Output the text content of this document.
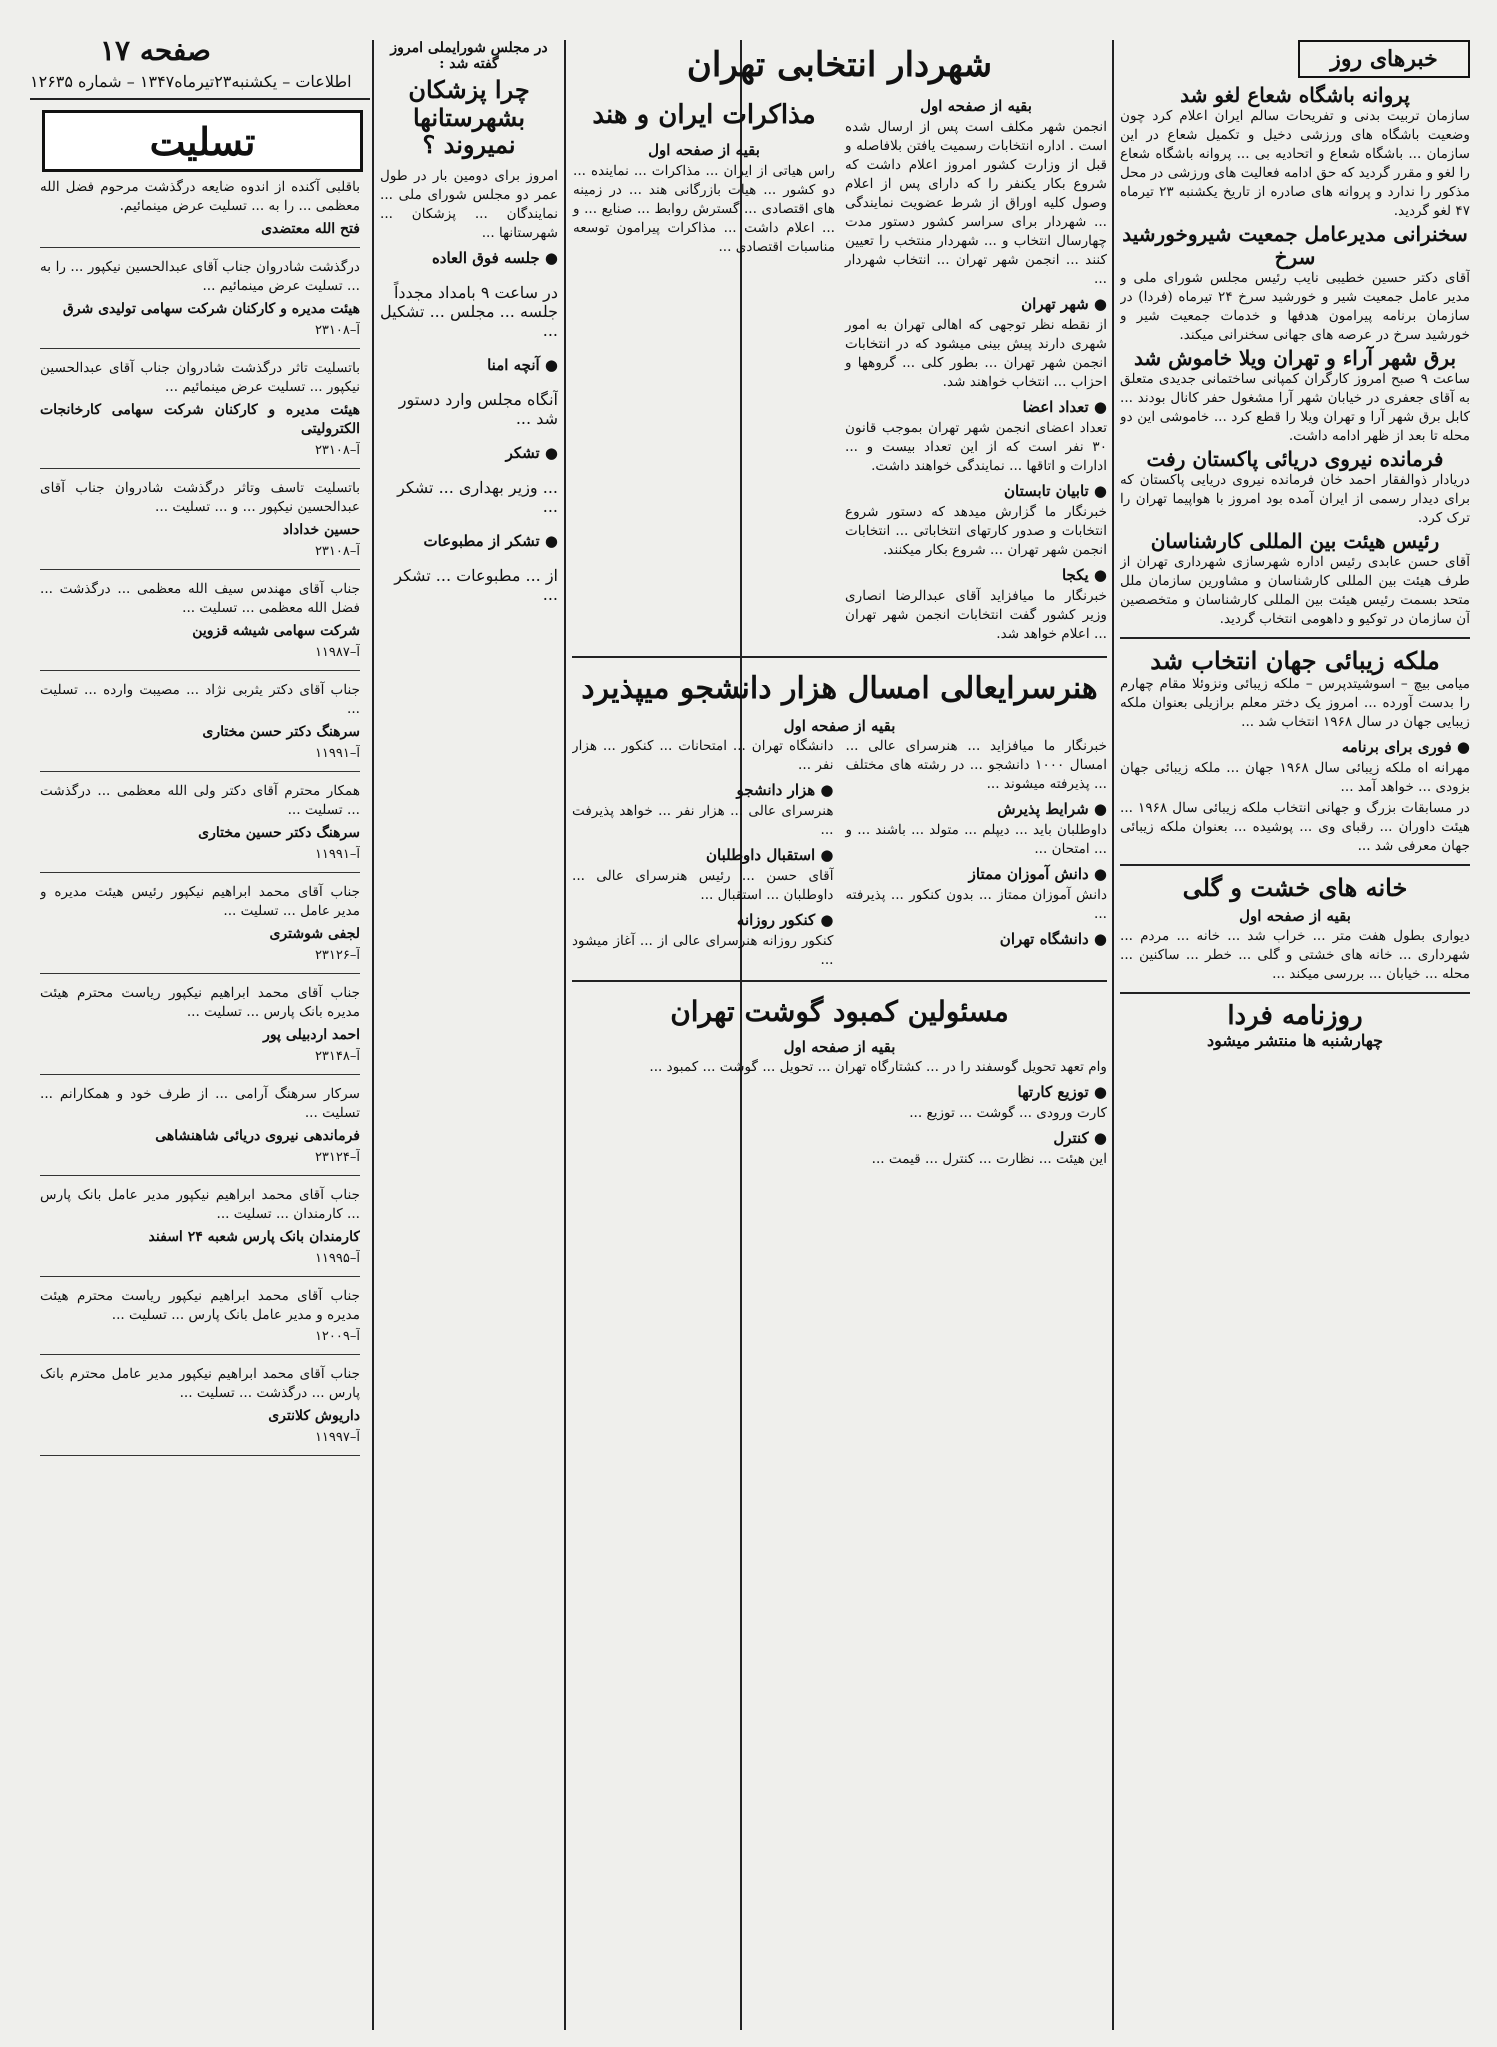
صفحه ۱۷
اطلاعات – یکشنبه۲۳تیرماه۱۳۴۷ – شماره ۱۲۶۳۵
تسلیت

باقلبی آکنده از اندوه ضایعه درگذشت مرحوم فضل الله معظمی ... را به ... تسلیت عرض مینمائیم.

فتح الله معتضدی

درگذشت شادروان جناب آقای عبدالحسین نیکپور ... را به ... تسلیت عرض مینمائیم ...

هیئت مدیره و کارکنان شرکت سهامی تولیدی شرق
آ–۲۳۱۰۸

باتسلیت تاثر درگذشت شادروان جناب آقای عبدالحسین نیکپور ... تسلیت عرض مینمائیم ...

هیئت مدیره و کارکنان شرکت سهامی کارخانجات الکترولیتی
آ–۲۳۱۰۸

باتسلیت تاسف وتاثر درگذشت شادروان جناب آقای عبدالحسین نیکپور ... و ... تسلیت ...

حسین خداداد
آ–۲۳۱۰۸

جناب آقای مهندس سیف الله معظمی ... درگذشت ... فضل الله معظمی ... تسلیت ...

شرکت سهامی شیشه قزوین
آ–۱۱۹۸۷

جناب آقای دکتر یثربی نژاد ... مصیبت وارده ... تسلیت ...

سرهنگ دکتر حسن مختاری
آ–۱۱۹۹۱

همکار محترم آقای دکتر ولی الله معظمی ... درگذشت ... تسلیت ...

سرهنگ دکتر حسین مختاری
آ–۱۱۹۹۱

جناب آقای محمد ابراهیم نیکپور رئیس هیئت مدیره و مدیر عامل ... تسلیت ...

لجفی شوشتری
آ–۲۳۱۲۶

جناب آقای محمد ابراهیم نیکپور ریاست محترم هیئت مدیره بانک پارس ... تسلیت ...

احمد اردبیلی پور
آ–۲۳۱۴۸

سرکار سرهنگ آرامی ... از طرف خود و همکارانم ... تسلیت ...

فرماندهی نیروی دریائی شاهنشاهی
آ–۲۳۱۲۴

جناب آقای محمد ابراهیم نیکپور مدیر عامل بانک پارس ... کارمندان ... تسلیت ...

کارمندان بانک پارس شعبه ۲۴ اسفند
آ–۱۱۹۹۵

جناب آقای محمد ابراهیم نیکپور ریاست محترم هیئت مدیره و مدیر عامل بانک پارس ... تسلیت ...

آ–۱۲۰۰۹

جناب آقای محمد ابراهیم نیکپور مدیر عامل محترم بانک پارس ... درگذشت ... تسلیت ...

داریوش کلانتری
آ–۱۱۹۹۷
در مجلس شورایملی امروز گفته شد :
چرا پزشکان بشهرستانها نمیروند ؟
امروز برای دومین بار در طول عمر دو مجلس شورای ملی ... نمایندگان ... پزشکان ... شهرستانها ...
● جلسه فوق العاده

در ساعت ۹ بامداد مجدداً جلسه ... مجلس ... تشکیل ...

● آنچه امنا

آنگاه مجلس وارد دستور شد ...

● تشکر

... وزیر بهداری ... تشکر ...

● تشکر از مطبوعات

از ... مطبوعات ... تشکر ...

شهردار انتخابی تهران
بقیه از صفحه اول
انجمن شهر مکلف است پس از ارسال شده است . اداره انتخابات رسمیت یافتن بلافاصله و قبل از وزارت کشور امروز اعلام داشت که شروع بکار یکنفر را که دارای پس از اعلام وصول کلیه اوراق از شرط عضویت نمایندگی ... شهردار برای سراسر کشور دستور مدت چهارسال انتخاب و ... شهردار منتخب را تعیین کنند ... انجمن شهر تهران ... انتخاب شهردار ...
● شهر تهران

از نقطه نظر توجهی که اهالی تهران به امور شهری دارند پیش بینی میشود که در انتخابات انجمن شهر تهران ... بطور کلی ... گروهها و احزاب ... انتخاب خواهند شد.

● تعداد اعضا

تعداد اعضای انجمن شهر تهران بموجب قانون ۳۰ نفر است که از این تعداد بیست و ... ادارات و اتاقها ... نمایندگی خواهند داشت.

● تابیان تابستان

خبرنگار ما گزارش میدهد که دستور شروع انتخابات و صدور کارتهای انتخاباتی ... انتخابات انجمن شهر تهران ... شروع بکار میکنند.

● یکجا

خبرنگار ما میافزاید آقای عبدالرضا انصاری وزیر کشور گفت انتخابات انجمن شهر تهران ... اعلام خواهد شد.

مذاکرات ایران و هند
بقیه از صفحه اول
راس هیاتی از ایران ... مذاکرات ... نماینده ... دو کشور ... هیات بازرگانی هند ... در زمینه های اقتصادی ... گسترش روابط ... صنایع ... و ... اعلام داشت ... مذاکرات پیرامون توسعه مناسبات اقتصادی ...
هنرسرایعالی امسال هزار دانشجو میپذیرد
بقیه از صفحه اول

خبرنگار ما میافزاید ... هنرسرای عالی ... امسال ۱۰۰۰ دانشجو ... در رشته های مختلف ... پذیرفته میشوند ...

● شرایط پذیرش

داوطلبان باید ... دیپلم ... متولد ... باشند ... و ... امتحان ...

● دانش آموزان ممتاز

دانش آموزان ممتاز ... بدون کنکور ... پذیرفته ...

● دانشگاه تهران

دانشگاه تهران ... امتحانات ... کنکور ... هزار نفر ...

● هزار دانشجو

هنرسرای عالی ... هزار نفر ... خواهد پذیرفت ...

● استقبال داوطلبان

آقای حسن ... رئیس هنرسرای عالی ... داوطلبان ... استقبال ...

● کنکور روزانه

کنکور روزانه هنرسرای عالی از ... آغاز میشود ...

مسئولین کمبود گوشت تهران
بقیه از صفحه اول

وام تعهد تحویل گوسفند را در ... کشتارگاه تهران ... تحویل ... گوشت ... کمبود ...

● توزیع کارتها

کارت ورودی ... گوشت ... توزیع ...

● کنترل

این هیئت ... نظارت ... کنترل ... قیمت ...

خبرهای روز
پروانه باشگاه شعاع لغو شد

سازمان تربیت بدنی و تفریحات سالم ایران اعلام کرد چون وضعیت باشگاه های ورزشی دخیل و تکمیل شعاع در این سازمان ... باشگاه شعاع و اتحادیه بی ... پروانه باشگاه شعاع را لغو و مقرر گردید که حق ادامه فعالیت های ورزشی در محل مذکور را ندارد و پروانه های صادره از تاریخ یکشنبه ۲۳ تیرماه ۴۷ لغو گردید.

سخنرانی مدیرعامل جمعیت شیروخورشید سرخ

آقای دکتر حسین خطیبی نایب رئیس مجلس شورای ملی و مدیر عامل جمعیت شیر و خورشید سرخ ۲۴ تیرماه (فردا) در سازمان برنامه پیرامون هدفها و خدمات جمعیت شیر و خورشید سرخ در عرصه های جهانی سخنرانی میکند.

برق شهر آراء و تهران ویلا خاموش شد

ساعت ۹ صبح امروز کارگران کمپانی ساختمانی جدیدی متعلق به آقای جعفری در خیابان شهر آرا مشغول حفر کانال بودند ... کابل برق شهر آرا و تهران ویلا را قطع کرد ... خاموشی این دو محله تا بعد از ظهر ادامه داشت.

فرمانده نیروی دریائی پاکستان رفت

دریادار ذوالفقار احمد خان فرمانده نیروی دریایی پاکستان که برای دیدار رسمی از ایران آمده بود امروز با هواپیما تهران را ترک کرد.

رئیس هیئت بین المللی کارشناسان

آقای حسن عابدی رئیس اداره شهرسازی شهرداری تهران از طرف هیئت بین المللی کارشناسان و مشاورین سازمان ملل متحد بسمت رئیس هیئت بین المللی کارشناسان و متخصصین آن سازمان در توکیو و داهومی انتخاب گردید.

ملکه زیبائی جهان انتخاب شد
میامی بیچ – اسوشیتدپرس – ملکه زیبائی ونزوئلا مقام چهارم را بدست آورده ... امروز یک دختر معلم برازیلی بعنوان ملکه زیبایی جهان در سال ۱۹۶۸ انتخاب شد ...
● فوری برای برنامه

مهرانه اه ملکه زیبائی سال ۱۹۶۸ جهان ... ملکه زیبائی جهان بزودی ... خواهد آمد ...

در مسابقات بزرگ و جهانی انتخاب ملکه زیبائی سال ۱۹۶۸ ... هیئت داوران ... رقبای وی ... پوشیده ... بعنوان ملکه زیبائی جهان معرفی شد ...

خانه های خشت و گلی
بقیه از صفحه اول
دیواری بطول هفت متر ... خراب شد ... خانه ... مردم ... شهرداری ... خانه های خشتی و گلی ... خطر ... ساکنین ... محله ... خیابان ... بررسی میکند ...
روزنامه فردا
چهارشنبه ها منتشر میشود
